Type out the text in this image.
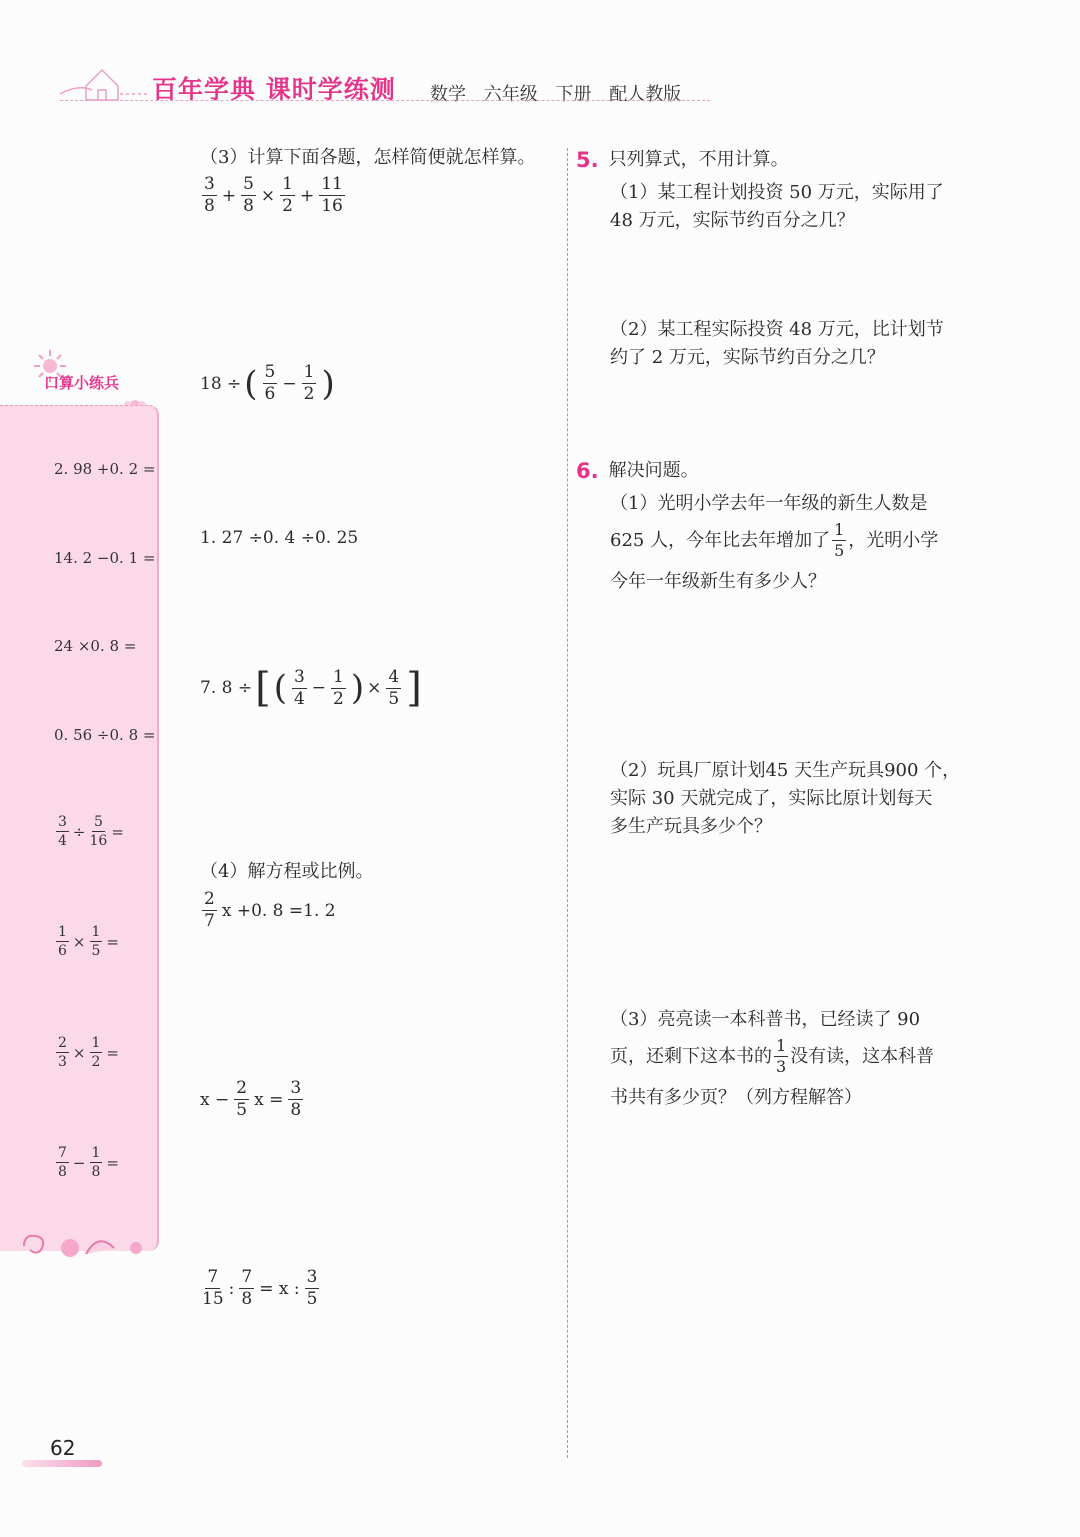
百年学典 课时学练测 数学 六年级 下册 配人教版
口算小练兵
2. 98 +0. 2 =
14. 2 −0. 1 =
24 ×0. 8 =
0. 56 ÷0. 8 =
$\frac{3}{4} \div \frac{5}{16}$ =
$\frac{1}{6} \times \frac{1}{5}$ =
$\frac{2}{3} \times \frac{1}{2}$ =
$\frac{7}{8} - \frac{1}{8}$ =
（3）计算下面各题，怎样简便就怎样算。
$\frac{3}{8} + \frac{5}{8} \times \frac{1}{2} + \frac{11}{16}$
18 ÷ ( $\frac{5}{6} - \frac{1}{2}$ )
1. 27 ÷0. 4 ÷0. 25
7. 8 ÷ [ ( $\frac{3}{4} - \frac{1}{2}$ ) × $\frac{4}{5}$ ]
（4）解方程或比例。
$\frac{2}{7}$ x +0. 8 =1. 2
$x - \frac{2}{5}$ $x = \frac{3}{8}$
$\frac{7}{15}$ : $\frac{7}{8} = x$ : $\frac{3}{5}$
5. 只列算式，不用计算。
（1）某工程计划投资 50 万元，实际用了
48 万元，实际节约百分之几？
（2）某工程实际投资 48 万元，比计划节
约了 2 万元，实际节约百分之几？
6. 解决问题。
（1）光明小学去年一年级的新生人数是
625 人，今年比去年增加了 $\frac{1}{5}$ ，光明小学
今年一年级新生有多少人？
（2）玩具厂原计划45 天生产玩具900 个，
实际 30 天就完成了，实际比原计划每天
多生产玩具多少个？
（3）亮亮读一本科普书，已经读了 90
页，还剩下这本书的 $\frac{1}{3}$ 没有读，这本科普
书共有多少页？（列方程解答）
62
